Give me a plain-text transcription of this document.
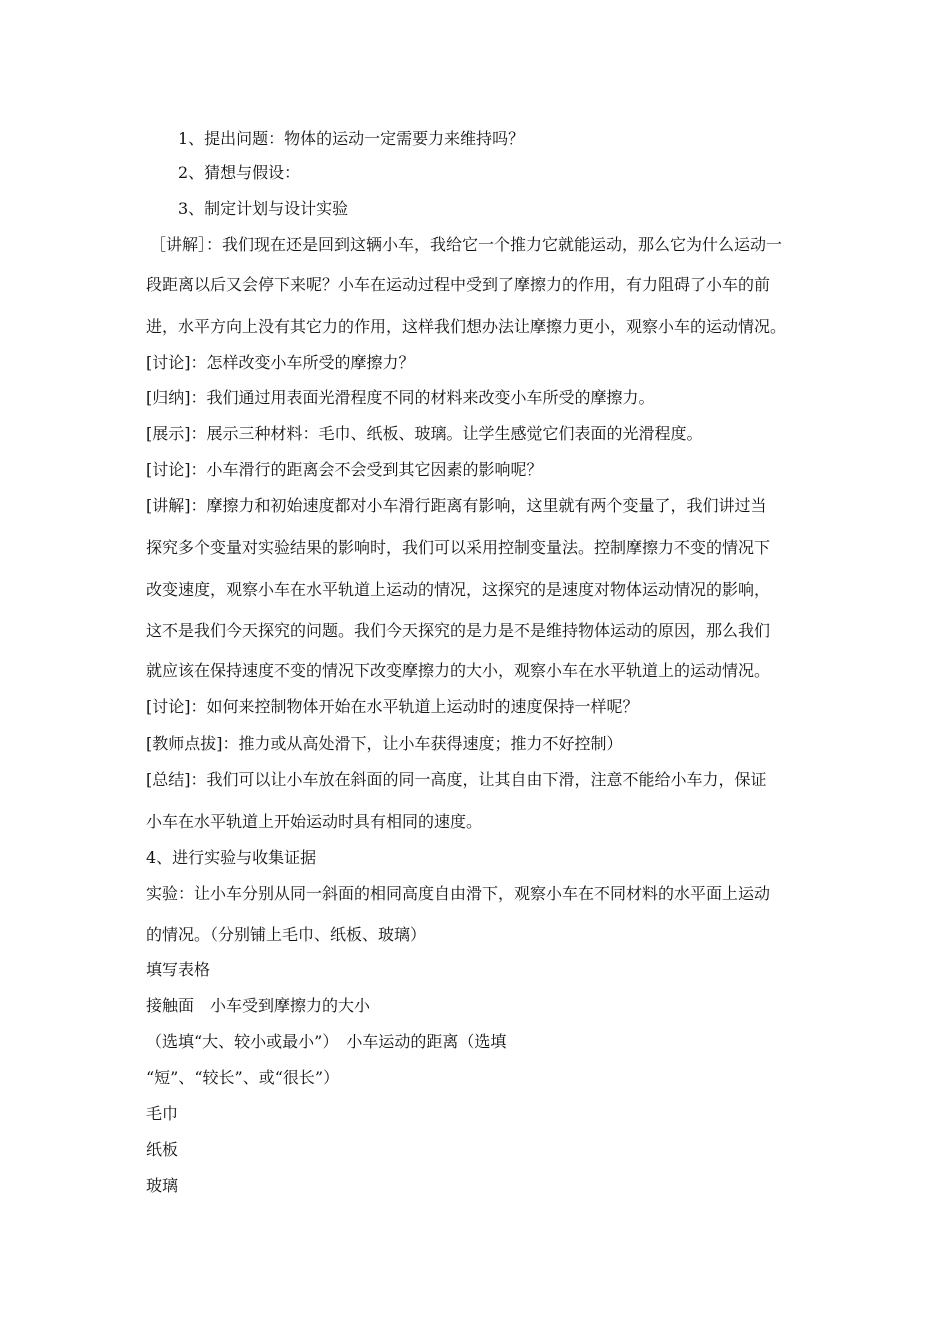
1、提出问题：物体的运动一定需要力来维持吗？
2、猜想与假设：
3、制定计划与设计实验
［讲解］：我们现在还是回到这辆小车，我给它一个推力它就能运动，那么它为什么运动一
段距离以后又会停下来呢？小车在运动过程中受到了摩擦力的作用，有力阻碍了小车的前
进，水平方向上没有其它力的作用，这样我们想办法让摩擦力更小，观察小车的运动情况。
[讨论]：怎样改变小车所受的摩擦力？
[归纳]：我们通过用表面光滑程度不同的材料来改变小车所受的摩擦力。
[展示]：展示三种材料：毛巾、纸板、玻璃。让学生感觉它们表面的光滑程度。
[讨论]：小车滑行的距离会不会受到其它因素的影响呢？
[讲解]：摩擦力和初始速度都对小车滑行距离有影响，这里就有两个变量了，我们讲过当
探究多个变量对实验结果的影响时，我们可以采用控制变量法。控制摩擦力不变的情况下
改变速度，观察小车在水平轨道上运动的情况，这探究的是速度对物体运动情况的影响，
这不是我们今天探究的问题。我们今天探究的是力是不是维持物体运动的原因，那么我们
就应该在保持速度不变的情况下改变摩擦力的大小，观察小车在水平轨道上的运动情况。
[讨论]：如何来控制物体开始在水平轨道上运动时的速度保持一样呢？
[教师点拔]：推力或从高处滑下，让小车获得速度；推力不好控制）
[总结]：我们可以让小车放在斜面的同一高度，让其自由下滑，注意不能给小车力，保证
小车在水平轨道上开始运动时具有相同的速度。
4、进行实验与收集证据
实验：让小车分别从同一斜面的相同高度自由滑下，观察小车在不同材料的水平面上运动
的情况。（分别铺上毛巾、纸板、玻璃）
填写表格
接触面　小车受到摩擦力的大小
（选填“大、较小或最小”）　小车运动的距离（选填
“短”、“较长”、或“很长”）
毛巾
纸板
玻璃
